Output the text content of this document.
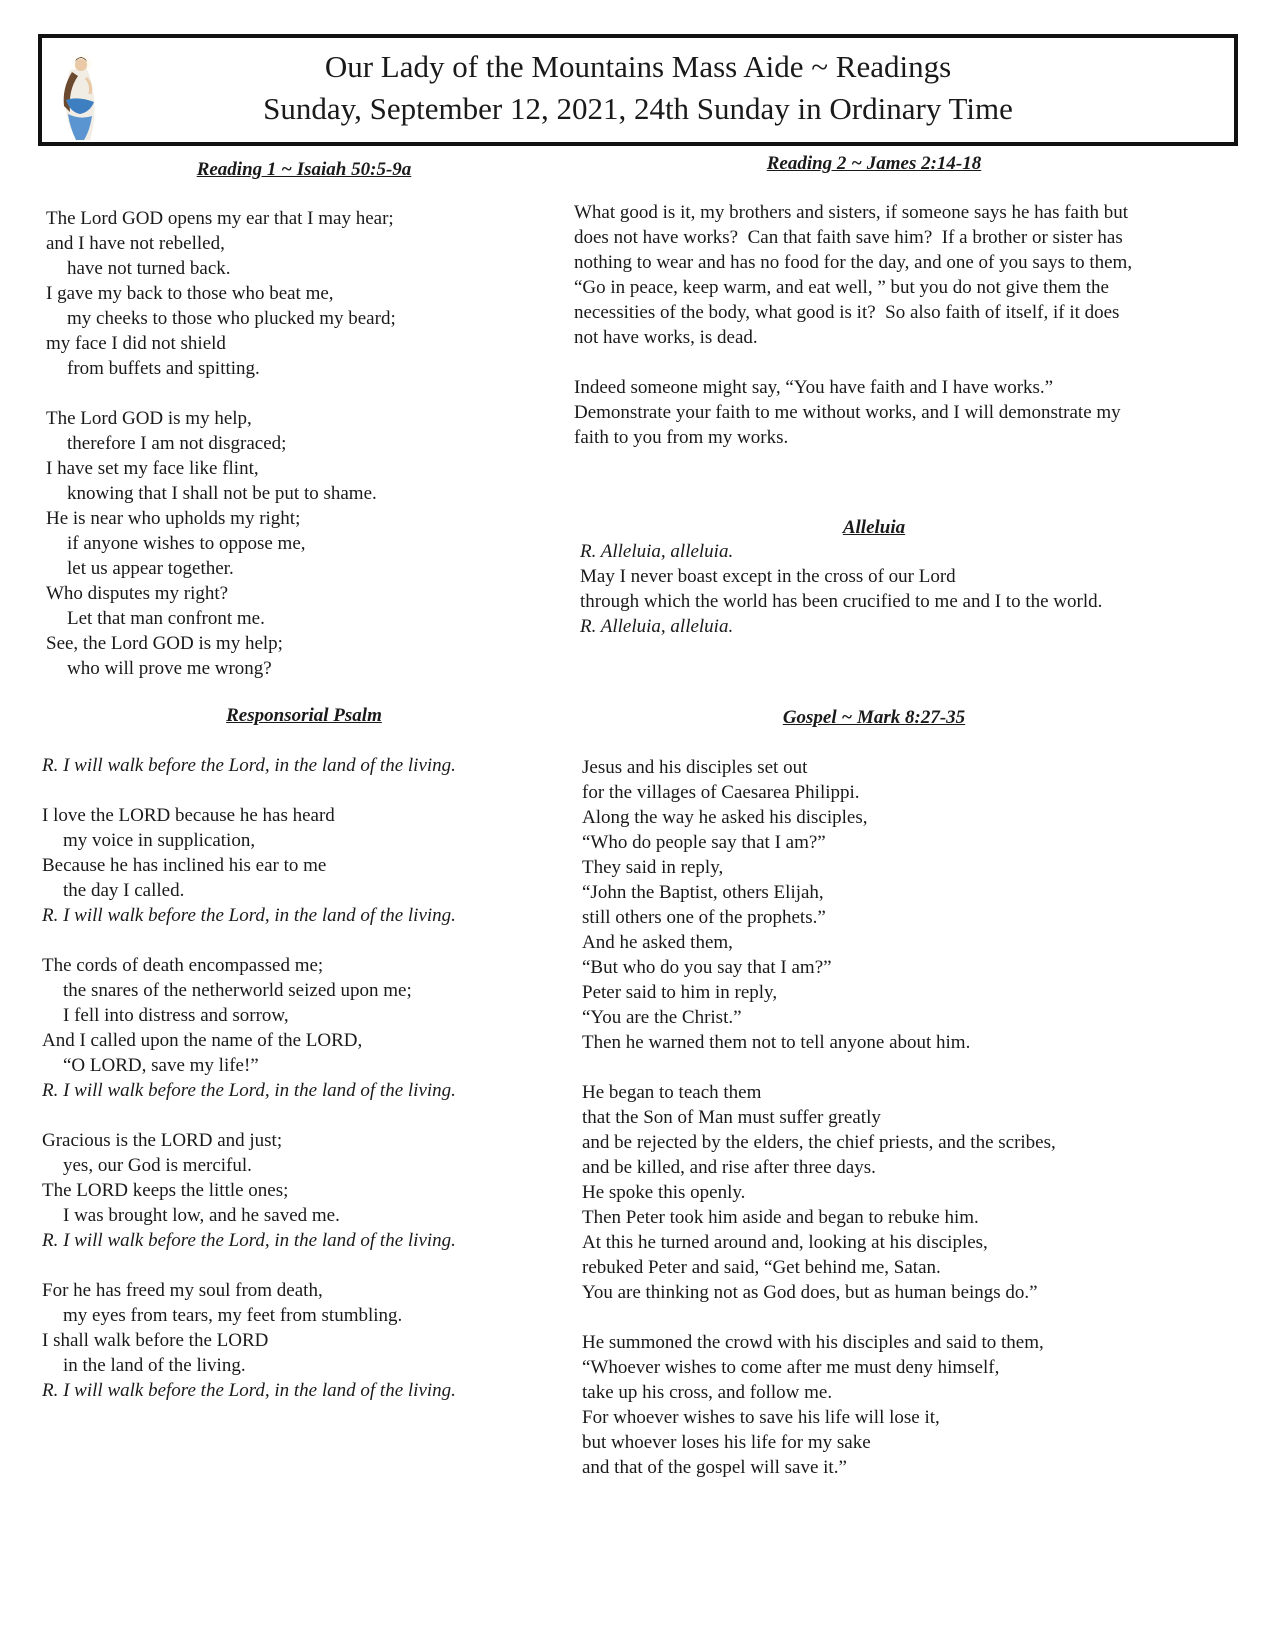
Our Lady of the Mountains Mass Aide ~ Readings
Sunday, September 12, 2021, 24th Sunday in Ordinary Time
Reading 1 ~ Isaiah 50:5-9a
The Lord GOD opens my ear that I may hear;
and I have not rebelled,
have not turned back.
I gave my back to those who beat me,
my cheeks to those who plucked my beard;
my face I did not shield
from buffets and spitting.
The Lord GOD is my help,
therefore I am not disgraced;
I have set my face like flint,
knowing that I shall not be put to shame.
He is near who upholds my right;
if anyone wishes to oppose me,
let us appear together.
Who disputes my right?
Let that man confront me.
See, the Lord GOD is my help;
who will prove me wrong?
Reading 2 ~ James 2:14-18
What good is it, my brothers and sisters, if someone says he has faith but
does not have works?  Can that faith save him?  If a brother or sister has
nothing to wear and has no food for the day, and one of you says to them,
“Go in peace, keep warm, and eat well, ” but you do not give them the
necessities of the body, what good is it?  So also faith of itself, if it does
not have works, is dead.
Indeed someone might say, “You have faith and I have works.”
Demonstrate your faith to me without works, and I will demonstrate my
faith to you from my works.
Alleluia
R. Alleluia, alleluia.
May I never boast except in the cross of our Lord
through which the world has been crucified to me and I to the world.
R. Alleluia, alleluia.
Responsorial Psalm
R. I will walk before the Lord, in the land of the living.
I love the LORD because he has heard
my voice in supplication,
Because he has inclined his ear to me
the day I called.
R. I will walk before the Lord, in the land of the living.
The cords of death encompassed me;
the snares of the netherworld seized upon me;
I fell into distress and sorrow,
And I called upon the name of the LORD,
“O LORD, save my life!”
R. I will walk before the Lord, in the land of the living.
Gracious is the LORD and just;
yes, our God is merciful.
The LORD keeps the little ones;
I was brought low, and he saved me.
R. I will walk before the Lord, in the land of the living.
For he has freed my soul from death,
my eyes from tears, my feet from stumbling.
I shall walk before the LORD
in the land of the living.
R. I will walk before the Lord, in the land of the living.
Gospel ~ Mark 8:27-35
Jesus and his disciples set out
for the villages of Caesarea Philippi.
Along the way he asked his disciples,
“Who do people say that I am?”
They said in reply,
“John the Baptist, others Elijah,
still others one of the prophets.”
And he asked them,
“But who do you say that I am?”
Peter said to him in reply,
“You are the Christ.”
Then he warned them not to tell anyone about him.
He began to teach them
that the Son of Man must suffer greatly
and be rejected by the elders, the chief priests, and the scribes,
and be killed, and rise after three days.
He spoke this openly.
Then Peter took him aside and began to rebuke him.
At this he turned around and, looking at his disciples,
rebuked Peter and said, “Get behind me, Satan.
You are thinking not as God does, but as human beings do.”
He summoned the crowd with his disciples and said to them,
“Whoever wishes to come after me must deny himself,
take up his cross, and follow me.
For whoever wishes to save his life will lose it,
but whoever loses his life for my sake
and that of the gospel will save it.”
